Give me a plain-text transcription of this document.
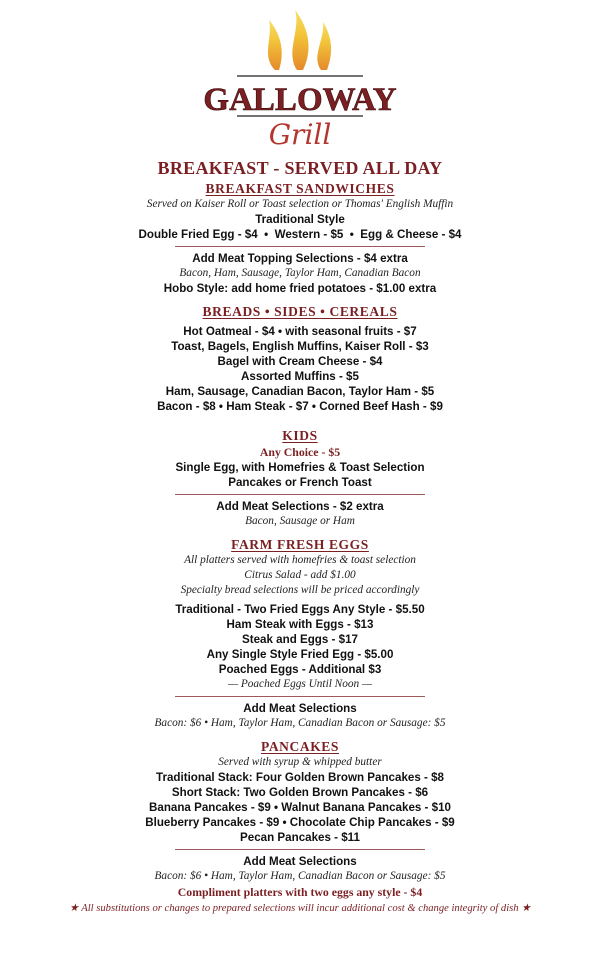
GALLOWAY
Grill
BREAKFAST - SERVED ALL DAY
BREAKFAST SANDWICHES
Served on Kaiser Roll or Toast selection or Thomas' English Muffin
Traditional Style
Double Fried Egg - $4  •  Western - $5  •  Egg & Cheese - $4
Add Meat Topping Selections - $4 extra
Bacon, Ham, Sausage, Taylor Ham, Canadian Bacon
Hobo Style: add home fried potatoes - $1.00 extra
BREADS • SIDES • CEREALS
Hot Oatmeal - $4 • with seasonal fruits - $7
Toast, Bagels, English Muffins, Kaiser Roll - $3
Bagel with Cream Cheese - $4
Assorted Muffins - $5
Ham, Sausage, Canadian Bacon, Taylor Ham - $5
Bacon - $8 • Ham Steak - $7 • Corned Beef Hash - $9
KIDS
Any Choice - $5
Single Egg, with Homefries & Toast Selection
Pancakes or French Toast
Add Meat Selections - $2 extra
Bacon, Sausage or Ham
FARM FRESH EGGS
All platters served with homefries & toast selection
Citrus Salad - add $1.00
Specialty bread selections will be priced accordingly
Traditional - Two Fried Eggs Any Style - $5.50
Ham Steak with Eggs - $13
Steak and Eggs - $17
Any Single Style Fried Egg - $5.00
Poached Eggs - Additional $3
— Poached Eggs Until Noon —
Add Meat Selections
Bacon: $6 • Ham, Taylor Ham, Canadian Bacon or Sausage: $5
PANCAKES
Served with syrup & whipped butter
Traditional Stack: Four Golden Brown Pancakes - $8
Short Stack: Two Golden Brown Pancakes - $6
Banana Pancakes - $9 • Walnut Banana Pancakes - $10
Blueberry Pancakes - $9 • Chocolate Chip Pancakes - $9
Pecan Pancakes - $11
Add Meat Selections
Bacon: $6 • Ham, Taylor Ham, Canadian Bacon or Sausage: $5
Compliment platters with two eggs any style - $4
★ All substitutions or changes to prepared selections will incur additional cost & change integrity of dish ★
